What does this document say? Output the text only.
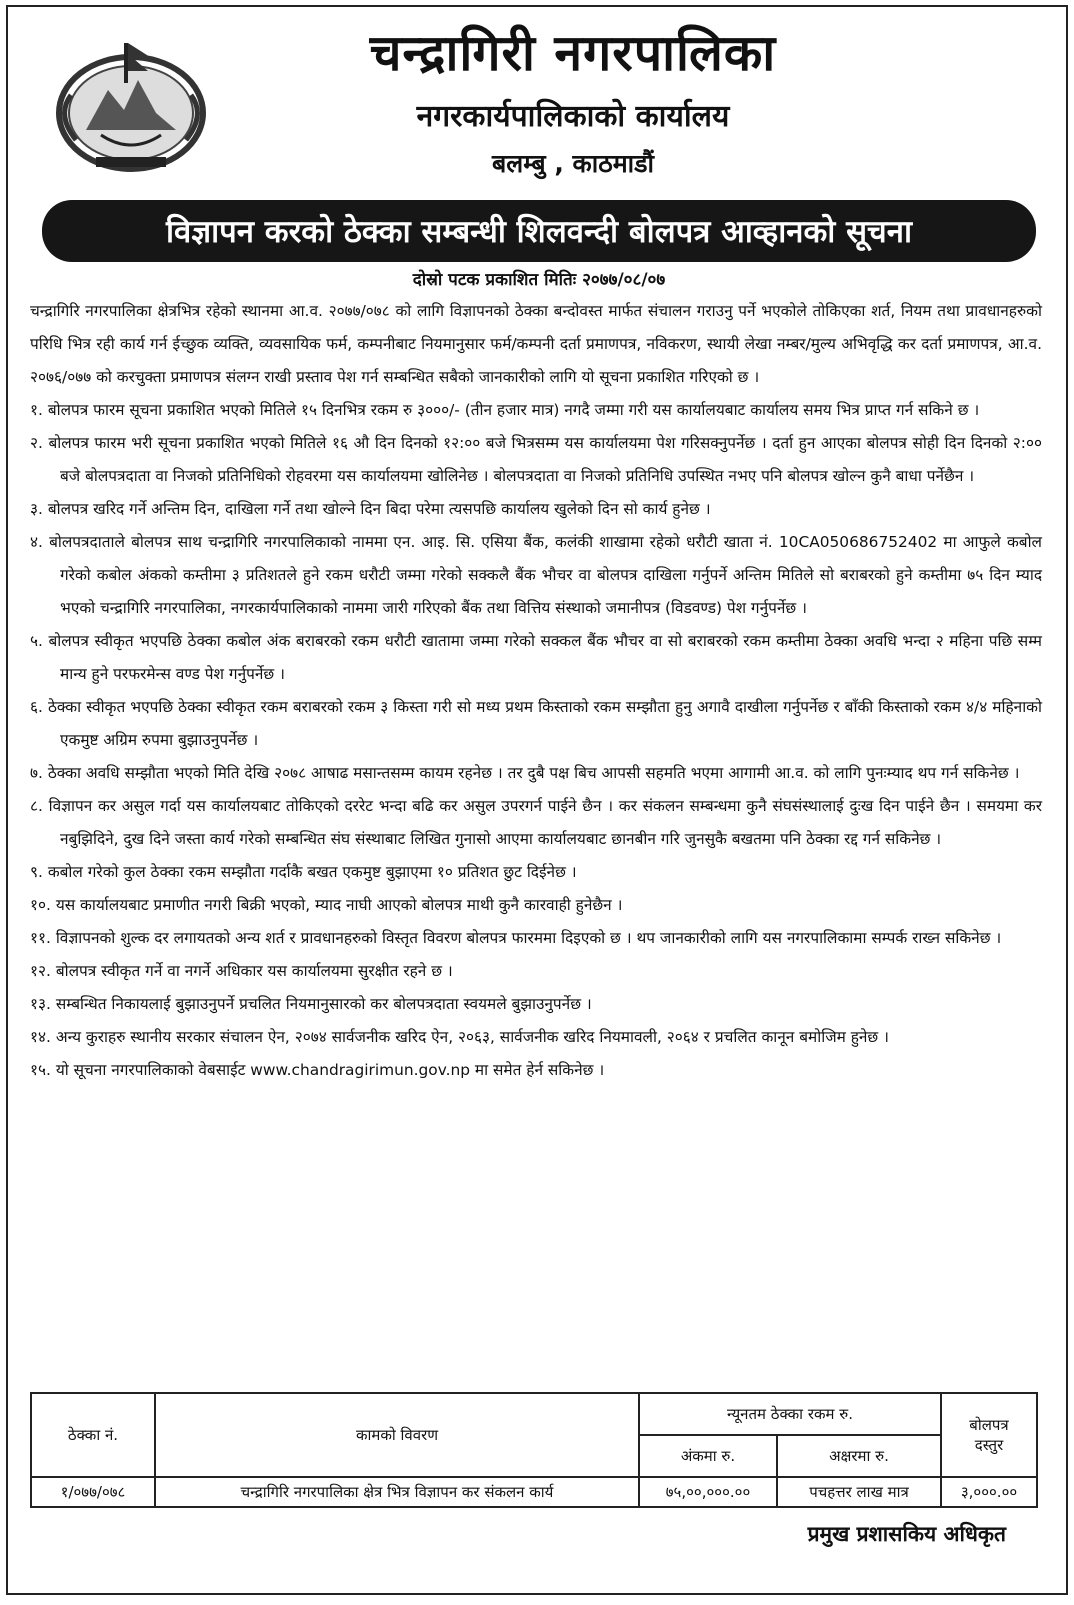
चन्द्रागिरी नगरपालिका
नगरकार्यपालिकाको कार्यालय
बलम्बु , काठमाडौं
विज्ञापन करको ठेक्का सम्बन्धी शिलवन्दी बोलपत्र आव्हानको सूचना
दोस्रो पटक प्रकाशित मितिः २०७७/०८/०७

चन्द्रागिरि नगरपालिका क्षेत्रभित्र रहेको स्थानमा आ.व. २०७७/०७८ को लागि विज्ञापनको ठेक्का बन्दोवस्त मार्फत संचालन गराउनु पर्ने भएकोले तोकिएका शर्त, नियम तथा प्रावधानहरुको परिधि भित्र रही कार्य गर्न ईच्छुक व्यक्ति, व्यवसायिक फर्म, कम्पनीबाट नियमानुसार फर्म/कम्पनी दर्ता प्रमाणपत्र, नविकरण, स्थायी लेखा नम्बर/मुल्य अभिवृद्धि कर दर्ता प्रमाणपत्र, आ.व. २०७६/०७७ को करचुक्ता प्रमाणपत्र संलग्न राखी प्रस्ताव पेश गर्न सम्बन्धित सबैको जानकारीको लागि यो सूचना प्रकाशित गरिएको छ ।

१. बोलपत्र फारम सूचना प्रकाशित भएको मितिले १५ दिनभित्र रकम रु ३०००/- (तीन हजार मात्र) नगदै जम्मा गरी यस कार्यालयबाट कार्यालय समय भित्र प्राप्त गर्न सकिने छ ।
२. बोलपत्र फारम भरी सूचना प्रकाशित भएको मितिले १६ औ दिन दिनको १२:०० बजे भित्रसम्म यस कार्यालयमा पेश गरिसक्नुपर्नेछ । दर्ता हुन आएका बोलपत्र सोही दिन दिनको २:०० बजे बोलपत्रदाता वा निजको प्रतिनिधिको रोहवरमा यस कार्यालयमा खोलिनेछ । बोलपत्रदाता वा निजको प्रतिनिधि उपस्थित नभए पनि बोलपत्र खोल्न कुनै बाधा पर्नेछैन ।
३. बोलपत्र खरिद गर्ने अन्तिम दिन, दाखिला गर्ने तथा खोल्ने दिन बिदा परेमा त्यसपछि कार्यालय खुलेको दिन सो कार्य हुनेछ ।
४. बोलपत्रदाताले बोलपत्र साथ चन्द्रागिरि नगरपालिकाको नाममा एन. आइ. सि. एसिया बैंक, कलंकी शाखामा रहेको धरौटी खाता नं. 10CA050686752402 मा आफुले कबोल गरेको कबोल अंकको कम्तीमा ३ प्रतिशतले हुने रकम धरौटी जम्मा गरेको सक्कलै बैंक भौचर वा बोलपत्र दाखिला गर्नुपर्ने अन्तिम मितिले सो बराबरको हुने कम्तीमा ७५ दिन म्याद भएको चन्द्रागिरि नगरपालिका, नगरकार्यपालिकाको नाममा जारी गरिएको बैंक तथा वित्तिय संस्थाको जमानीपत्र (विडवण्ड) पेश गर्नुपर्नेछ ।
५. बोलपत्र स्वीकृत भएपछि ठेक्का कबोल अंक बराबरको रकम धरौटी खातामा जम्मा गरेको सक्कल बैंक भौचर वा सो बराबरको रकम कम्तीमा ठेक्का अवधि भन्दा २ महिना पछि सम्म मान्य हुने परफरमेन्स वण्ड पेश गर्नुपर्नेछ ।
६. ठेक्का स्वीकृत भएपछि ठेक्का स्वीकृत रकम बराबरको रकम ३ किस्ता गरी सो मध्य प्रथम किस्ताको रकम सम्झौता हुनु अगावै दाखीला गर्नुपर्नेछ र बाँकी किस्ताको रकम ४/४ महिनाको एकमुष्ट अग्रिम रुपमा बुझाउनुपर्नेछ ।
७. ठेक्का अवधि सम्झौता भएको मिति देखि २०७८ आषाढ मसान्तसम्म कायम रहनेछ । तर दुबै पक्ष बिच आपसी सहमति भएमा आगामी आ.व. को लागि पुनःम्याद थप गर्न सकिनेछ ।
८. विज्ञापन कर असुल गर्दा यस कार्यालयबाट तोकिएको दररेट भन्दा बढि कर असुल उपरगर्न पाईने छैन । कर संकलन सम्बन्धमा कुनै संघसंस्थालाई दुःख दिन पाईने छैन । समयमा कर नबुझिदिने, दुख दिने जस्ता कार्य गरेको सम्बन्धित संघ संस्थाबाट लिखित गुनासो आएमा कार्यालयबाट छानबीन गरि जुनसुकै बखतमा पनि ठेक्का रद्द गर्न सकिनेछ ।
९. कबोल गरेको कुल ठेक्का रकम सम्झौता गर्दाकै बखत एकमुष्ट बुझाएमा १० प्रतिशत छुट दिईनेछ ।
१०. यस कार्यालयबाट प्रमाणीत नगरी बिक्री भएको, म्याद नाघी आएको बोलपत्र माथी कुनै कारवाही हुनेछैन ।
११. विज्ञापनको शुल्क दर लगायतको अन्य शर्त र प्रावधानहरुको विस्तृत विवरण बोलपत्र फारममा दिइएको छ । थप जानकारीको लागि यस नगरपालिकामा सम्पर्क राख्न सकिनेछ ।
१२. बोलपत्र स्वीकृत गर्ने वा नगर्ने अधिकार यस कार्यालयमा सुरक्षीत रहने छ ।
१३. सम्बन्धित निकायलाई बुझाउनुपर्ने प्रचलित नियमानुसारको कर बोलपत्रदाता स्वयमले बुझाउनुपर्नेछ ।
१४. अन्य कुराहरु स्थानीय सरकार संचालन ऐन, २०७४ सार्वजनीक खरिद ऐन, २०६३, सार्वजनीक खरिद नियमावली, २०६४ र प्रचलित कानून बमोजिम हुनेछ ।
१५. यो सूचना नगरपालिकाको वेबसाईट www.chandragirimun.gov.np मा समेत हेर्न सकिनेछ ।
ठेक्का नं.	कामको विवरण	न्यूनतम ठेक्का रकम रु.		बोलपत्र
दस्तुर
		अंकमा रु.	अक्षरमा रु.	
१/०७७/०७८	चन्द्रागिरि नगरपालिका क्षेत्र भित्र विज्ञापन कर संकलन कार्य	७५,००,०००.००	पचहत्तर लाख मात्र	३,०००.००
प्रमुख प्रशासकिय अधिकृत
